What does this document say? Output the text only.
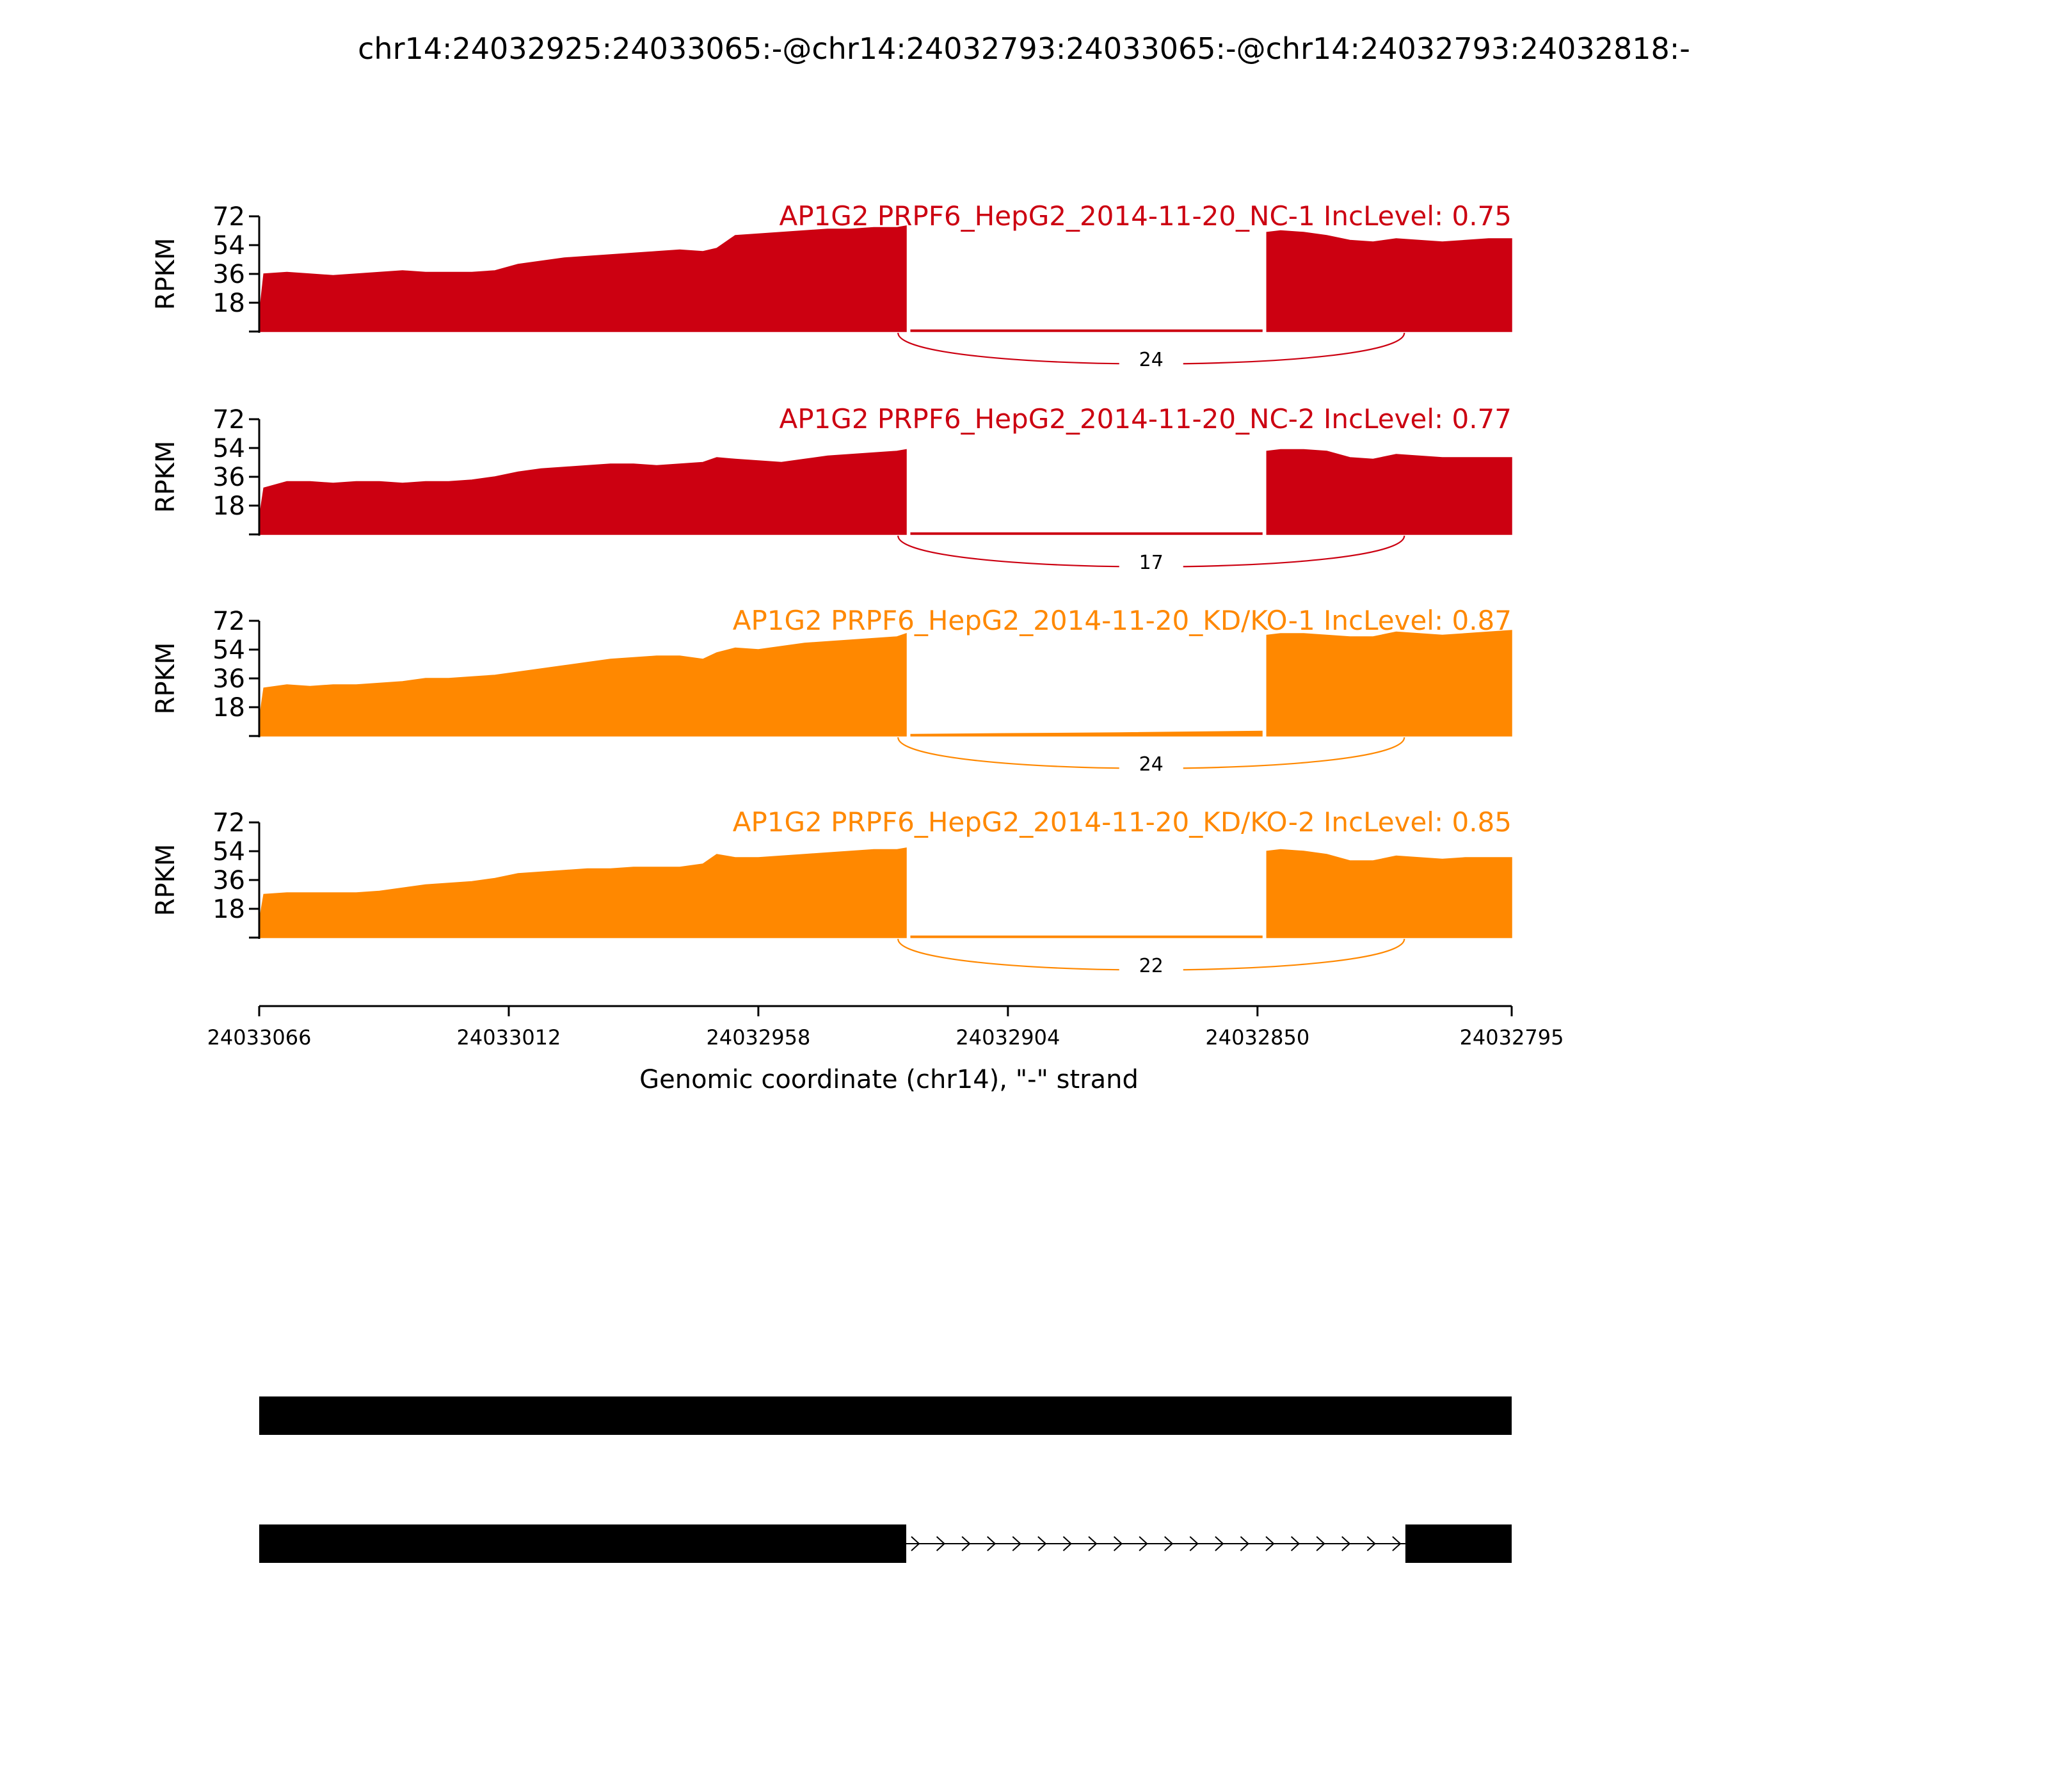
chr14:24032925:24033065:-@chr14:24032793:24033065:-@chr14:24032793:24032818:-
72
54
36
18
RPKM
AP1G2 PRPF6_HepG2_2014-11-20_NC-1 IncLevel: 0.75
24
72
54
36
18
RPKM
AP1G2 PRPF6_HepG2_2014-11-20_NC-2 IncLevel: 0.77
17
72
54
36
18
RPKM
AP1G2 PRPF6_HepG2_2014-11-20_KD/KO-1 IncLevel: 0.87
24
72
54
36
18
RPKM
AP1G2 PRPF6_HepG2_2014-11-20_KD/KO-2 IncLevel: 0.85
22
24033066	24033012	24032958	24032904	24032850	24032795
Genomic coordinate (chr14), "-" strand
